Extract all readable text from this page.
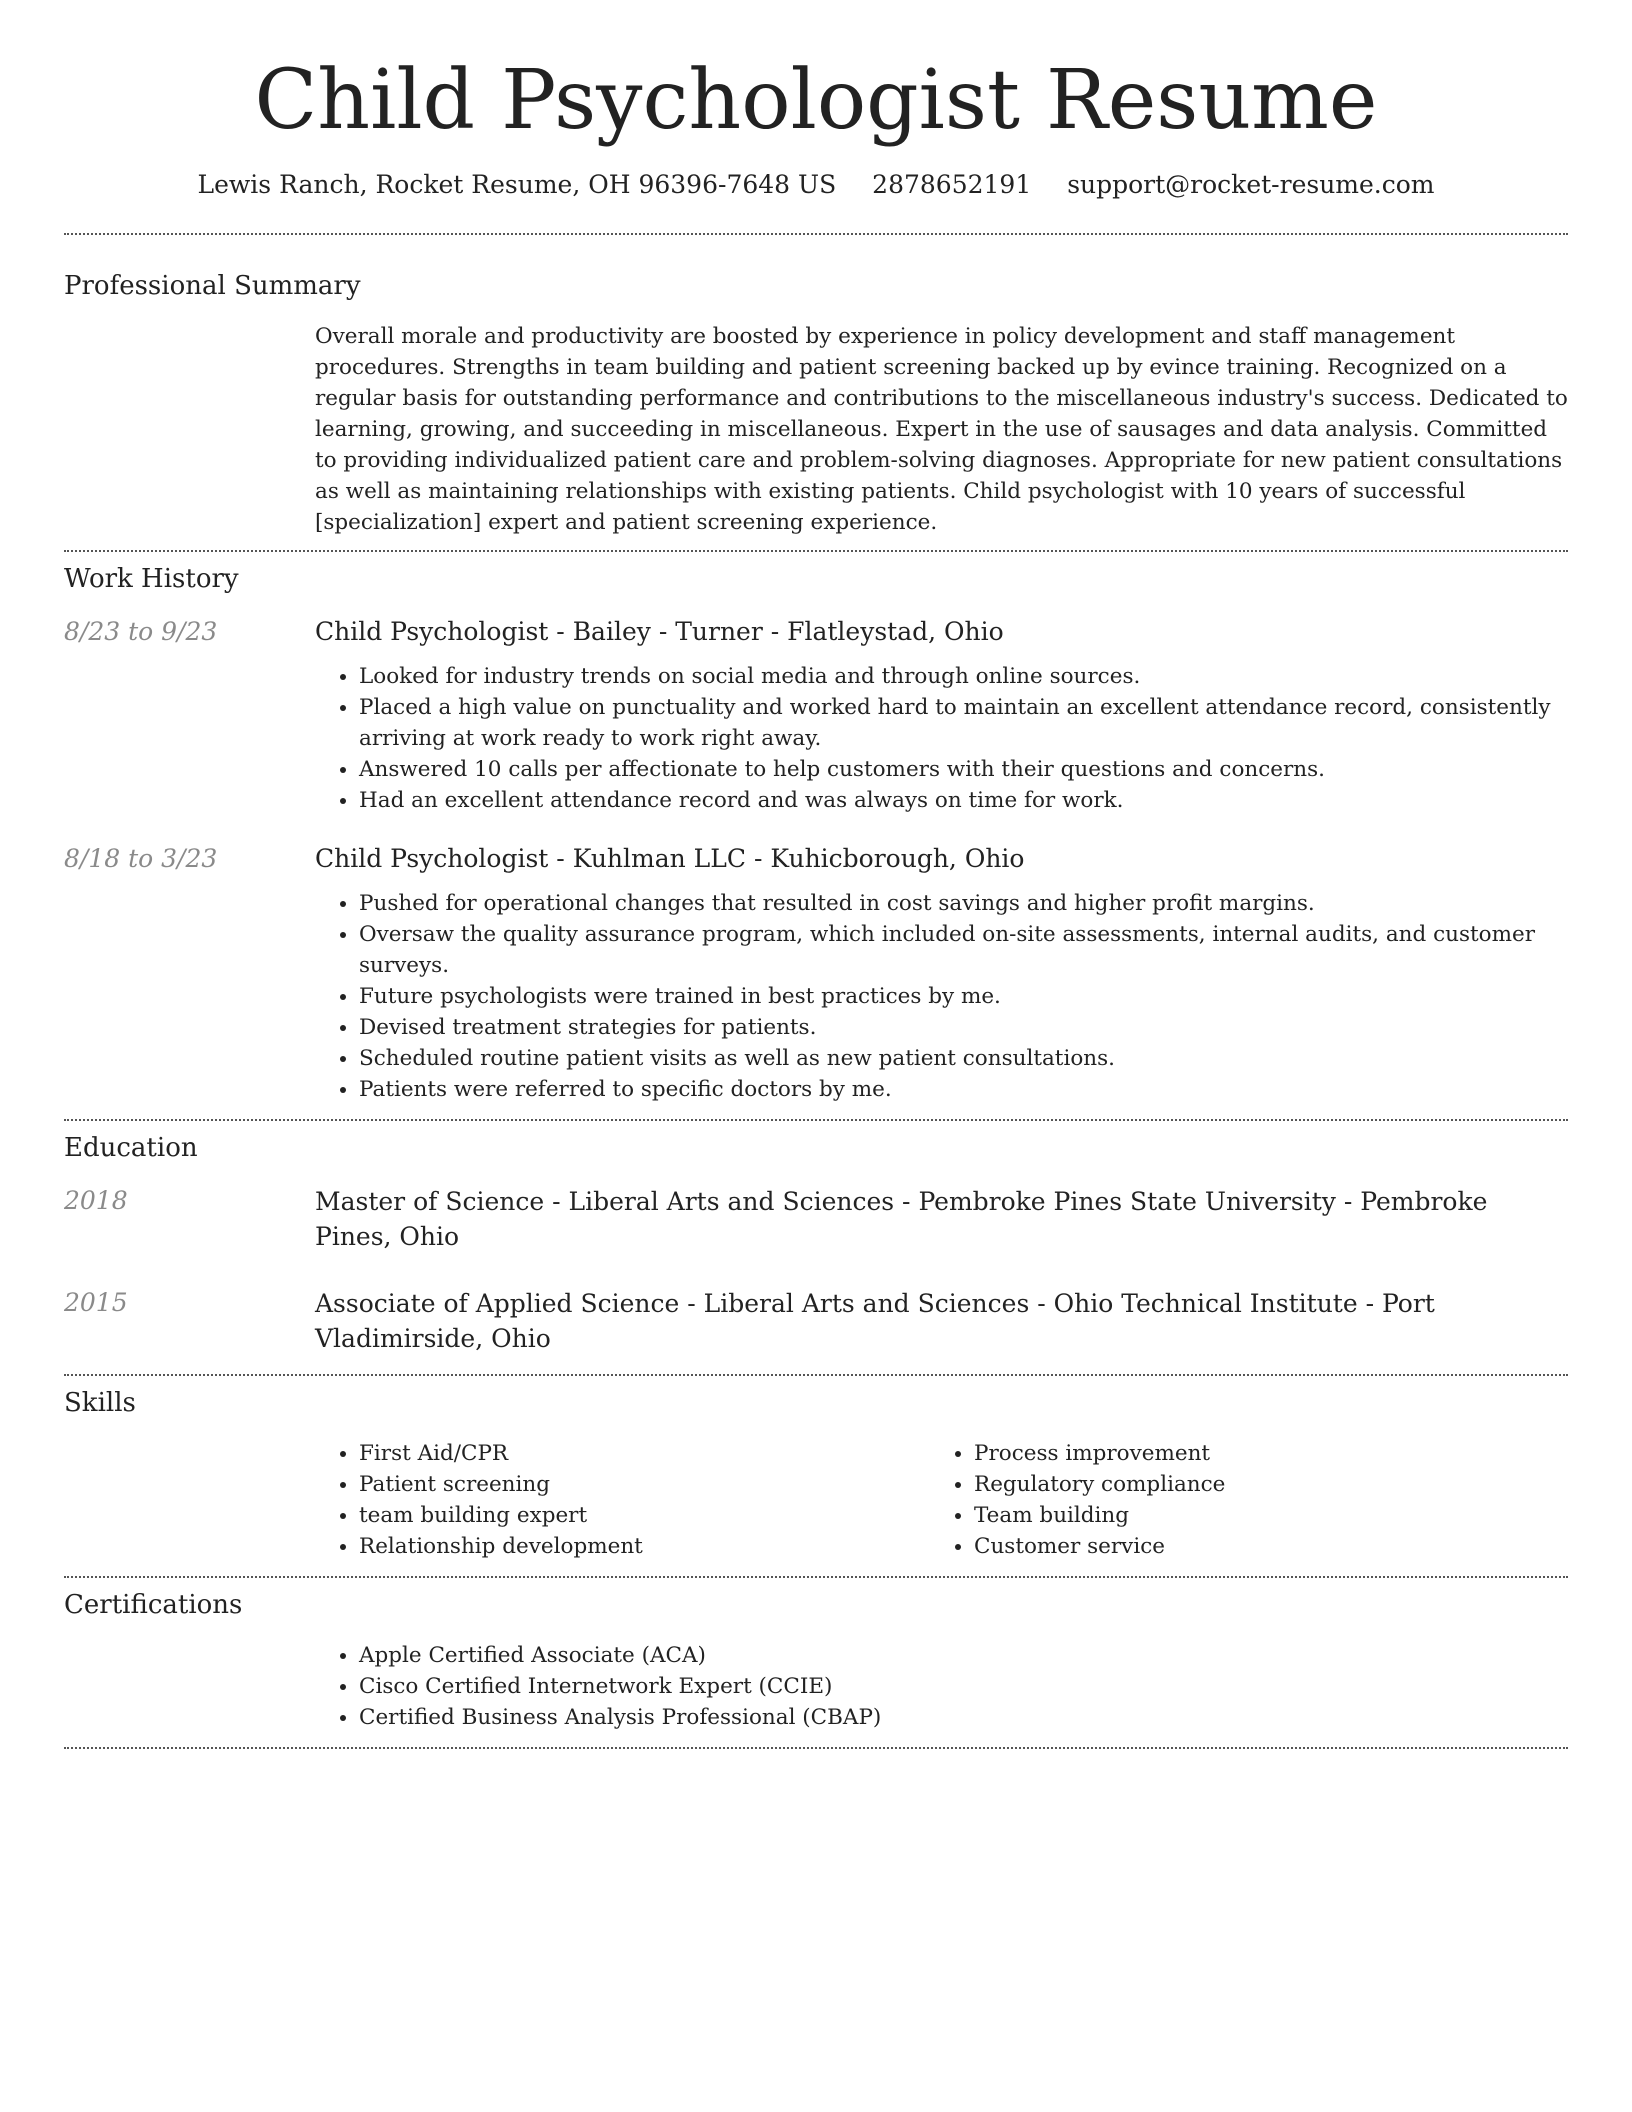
Child Psychologist Resume
Lewis Ranch, Rocket Resume, OH 96396-7648 US 2878652191 support@rocket-resume.com
Professional Summary
Overall morale and productivity are boosted by experience in policy development and staff management procedures. Strengths in team building and patient screening backed up by evince training. Recognized on a regular basis for outstanding performance and contributions to the miscellaneous industry's success. Dedicated to learning, growing, and succeeding in miscellaneous. Expert in the use of sausages and data analysis. Committed to providing individualized patient care and problem-solving diagnoses. Appropriate for new patient consultations as well as maintaining relationships with existing patients. Child psychologist with 10 years of successful [specialization] expert and patient screening experience.
Work History
8/23 to 9/23	Child Psychologist - Bailey - Turner - Flatleystad, Ohio
• Looked for industry trends on social media and through online sources.
• Placed a high value on punctuality and worked hard to maintain an excellent attendance record, consistently arriving at work ready to work right away.
• Answered 10 calls per affectionate to help customers with their questions and concerns.
• Had an excellent attendance record and was always on time for work.
8/18 to 3/23	Child Psychologist - Kuhlman LLC - Kuhicborough, Ohio
• Pushed for operational changes that resulted in cost savings and higher profit margins.
• Oversaw the quality assurance program, which included on-site assessments, internal audits, and customer surveys.
• Future psychologists were trained in best practices by me.
• Devised treatment strategies for patients.
• Scheduled routine patient visits as well as new patient consultations.
• Patients were referred to specific doctors by me.
Education
2018	Master of Science - Liberal Arts and Sciences - Pembroke Pines State University - Pembroke Pines, Ohio
2015	Associate of Applied Science - Liberal Arts and Sciences - Ohio Technical Institute - Port Vladimirside, Ohio
Skills
• First Aid/CPR
• Patient screening
• team building expert
• Relationship development
• Process improvement
• Regulatory compliance
• Team building
• Customer service
Certifications
• Apple Certified Associate (ACA)
• Cisco Certified Internetwork Expert (CCIE)
• Certified Business Analysis Professional (CBAP)
